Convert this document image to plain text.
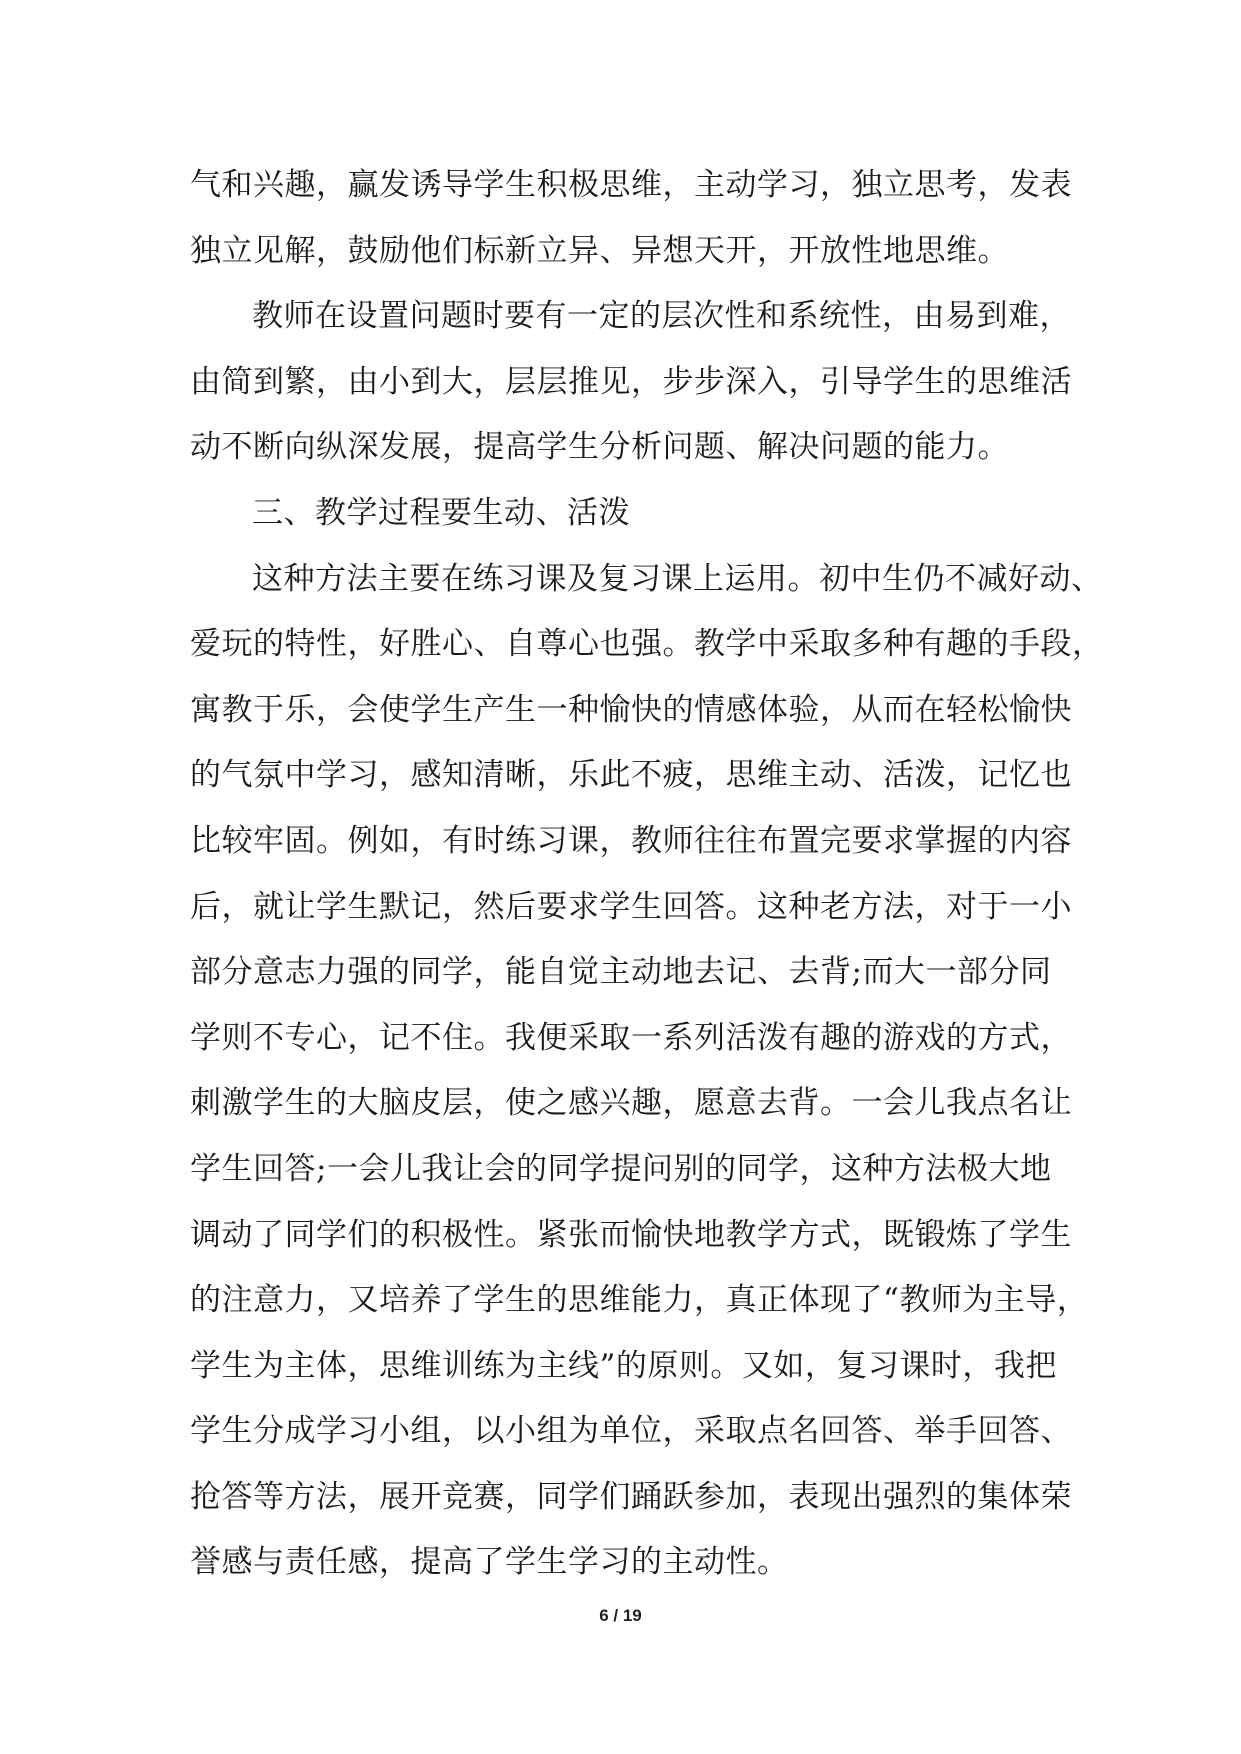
气和兴趣，赢发诱导学生积极思维，主动学习，独立思考，发表
独立见解，鼓励他们标新立异、异想天开，开放性地思维。
教师在设置问题时要有一定的层次性和系统性，由易到难，
由简到繁，由小到大，层层推见，步步深入，引导学生的思维活
动不断向纵深发展，提高学生分析问题、解决问题的能力。
三、教学过程要生动、活泼
这种方法主要在练习课及复习课上运用。初中生仍不减好动、
爱玩的特性，好胜心、自尊心也强。教学中采取多种有趣的手段，
寓教于乐，会使学生产生一种愉快的情感体验，从而在轻松愉快
的气氛中学习，感知清晰，乐此不疲，思维主动、活泼，记忆也
比较牢固。例如，有时练习课，教师往往布置完要求掌握的内容
后，就让学生默记，然后要求学生回答。这种老方法，对于一小
部分意志力强的同学，能自觉主动地去记、去背;而大一部分同
学则不专心，记不住。我便采取一系列活泼有趣的游戏的方式，
刺激学生的大脑皮层，使之感兴趣，愿意去背。一会儿我点名让
学生回答;一会儿我让会的同学提问别的同学，这种方法极大地
调动了同学们的积极性。紧张而愉快地教学方式，既锻炼了学生
的注意力，又培养了学生的思维能力，真正体现了“教师为主导，
学生为主体，思维训练为主线”的原则。又如，复习课时，我把
学生分成学习小组，以小组为单位，采取点名回答、举手回答、
抢答等方法，展开竞赛，同学们踊跃参加，表现出强烈的集体荣
誉感与责任感，提高了学生学习的主动性。
6 / 19
